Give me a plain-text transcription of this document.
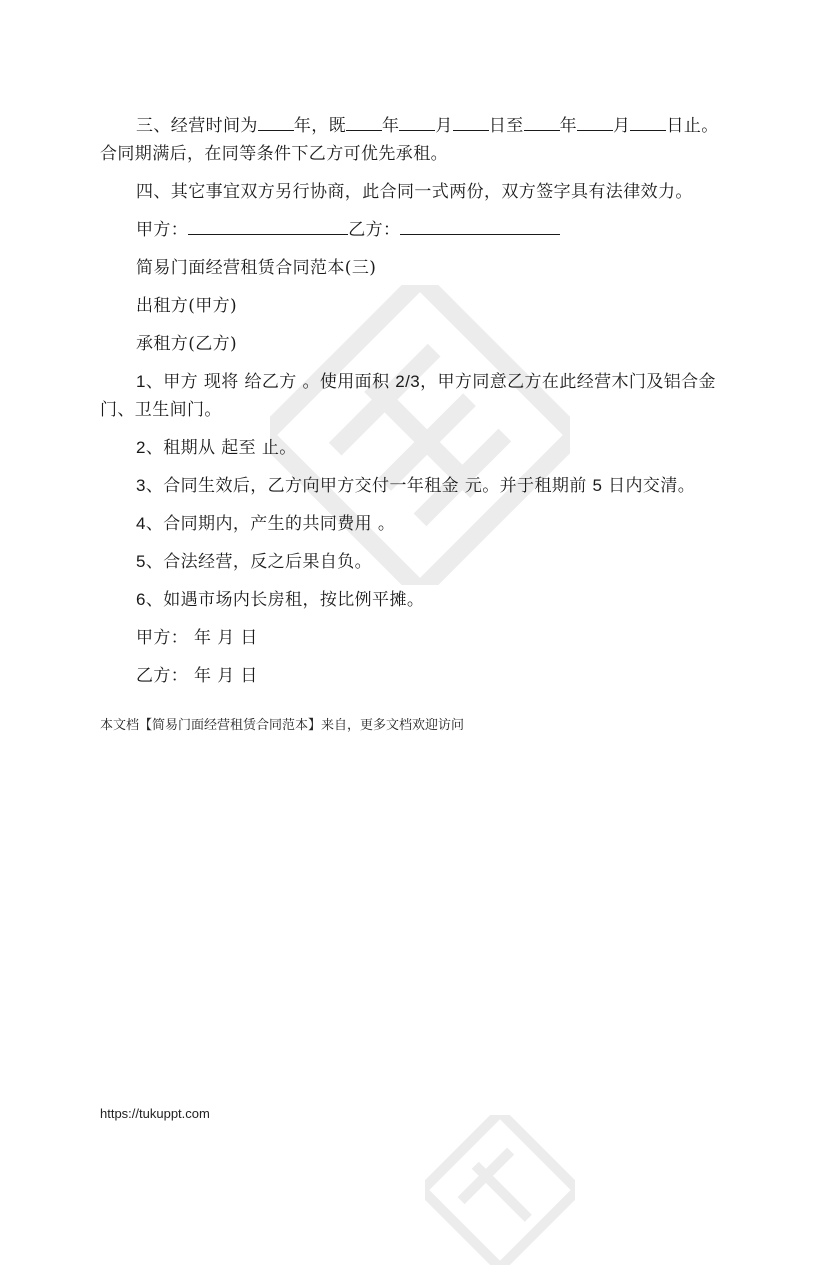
三、经营时间为 年，既 年 月 日至 年 月 日止。合同期满后，在同等条件下乙方可优先承租。

四、其它事宜双方另行协商，此合同一式两份，双方签字具有法律效力。

甲方：	乙方：

简易门面经营租赁合同范本(三)

出租方(甲方)

承租方(乙方)

1、甲方 现将 给乙方 。使用面积 2/3，甲方同意乙方在此经营木门及铝合金门、卫生间门。

2、租期从 起至 止。

3、合同生效后，乙方向甲方交付一年租金 元。并于租期前 5 日内交清。

4、合同期内，产生的共同费用 。

5、合法经营，反之后果自负。

6、如遇市场内长房租，按比例平摊。

甲方： 年 月 日

乙方： 年 月 日

本文档【简易门面经营租赁合同范本】来自，更多文档欢迎访问
https://tukuppt.com
